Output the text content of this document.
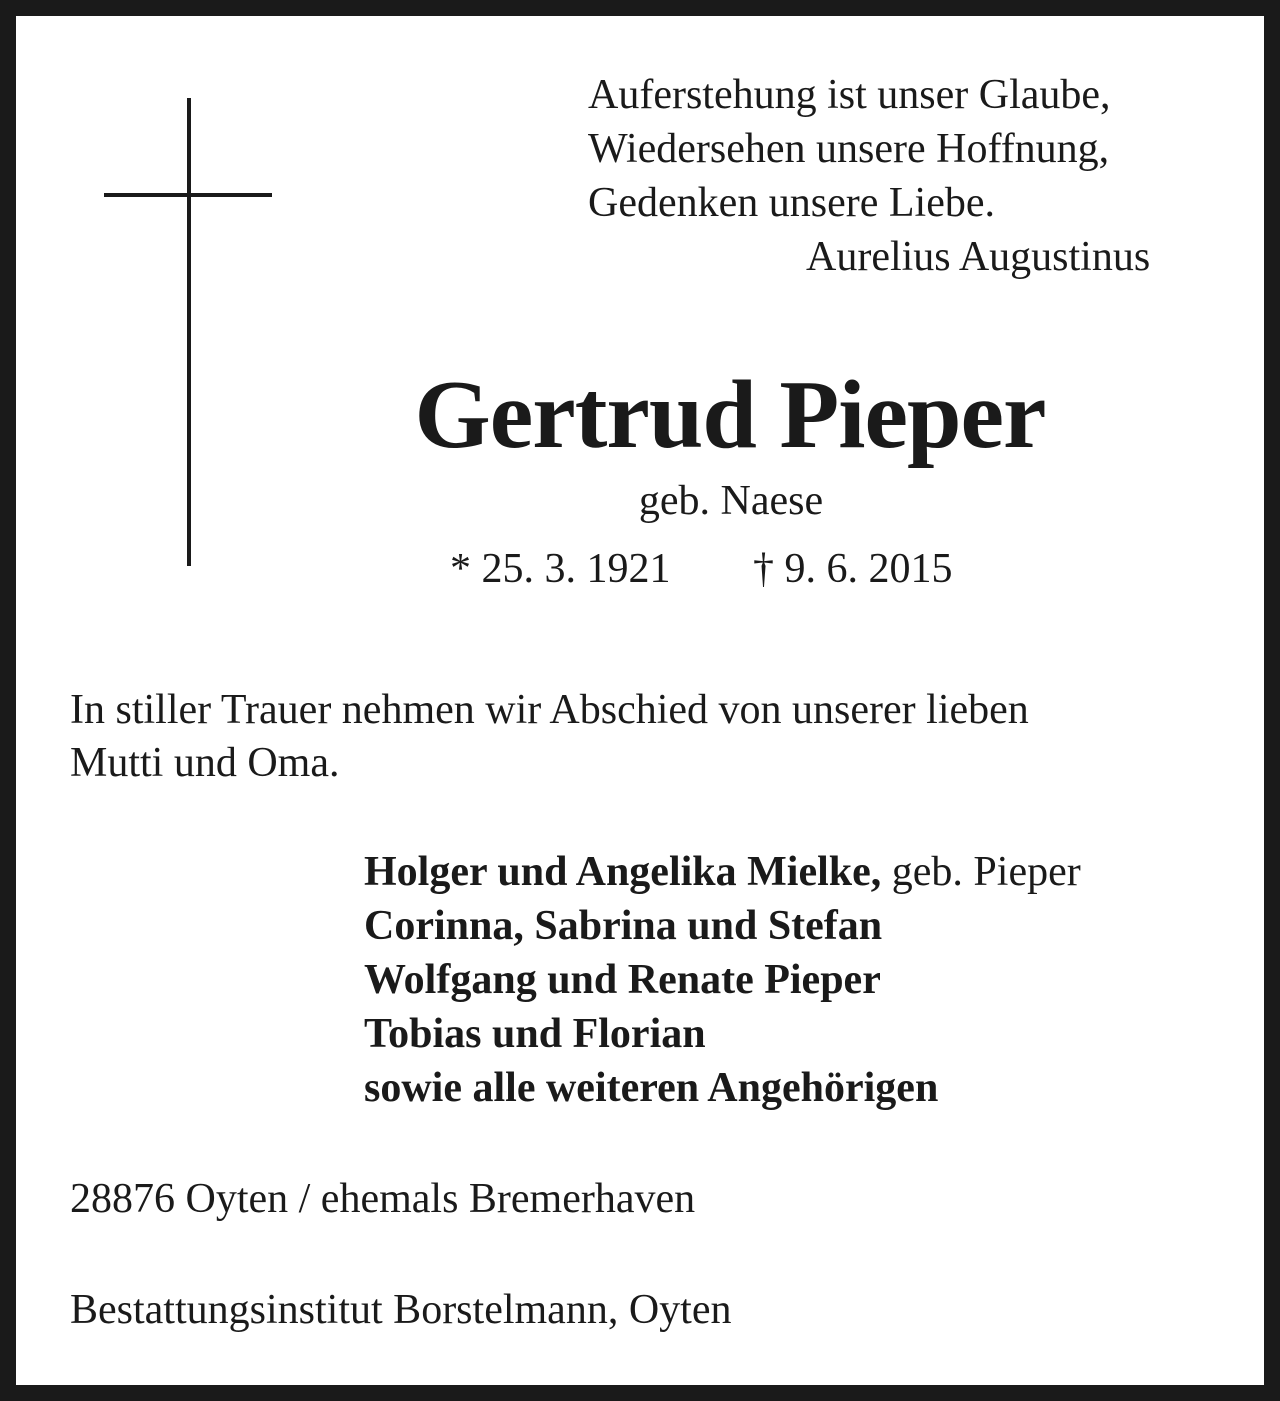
Auferstehung ist unser Glaube,
Wiedersehen unsere Hoffnung,
Gedenken unsere Liebe.
Aurelius Augustinus
Gertrud Pieper
geb. Naese
* 25. 3. 1921 † 9. 6. 2015
In stiller Trauer nehmen wir Abschied von unserer lieben
Mutti und Oma.
Holger und Angelika Mielke, geb. Pieper
Corinna, Sabrina und Stefan
Wolfgang und Renate Pieper
Tobias und Florian
sowie alle weiteren Angehörigen
28876 Oyten / ehemals Bremerhaven
Bestattungsinstitut Borstelmann, Oyten
